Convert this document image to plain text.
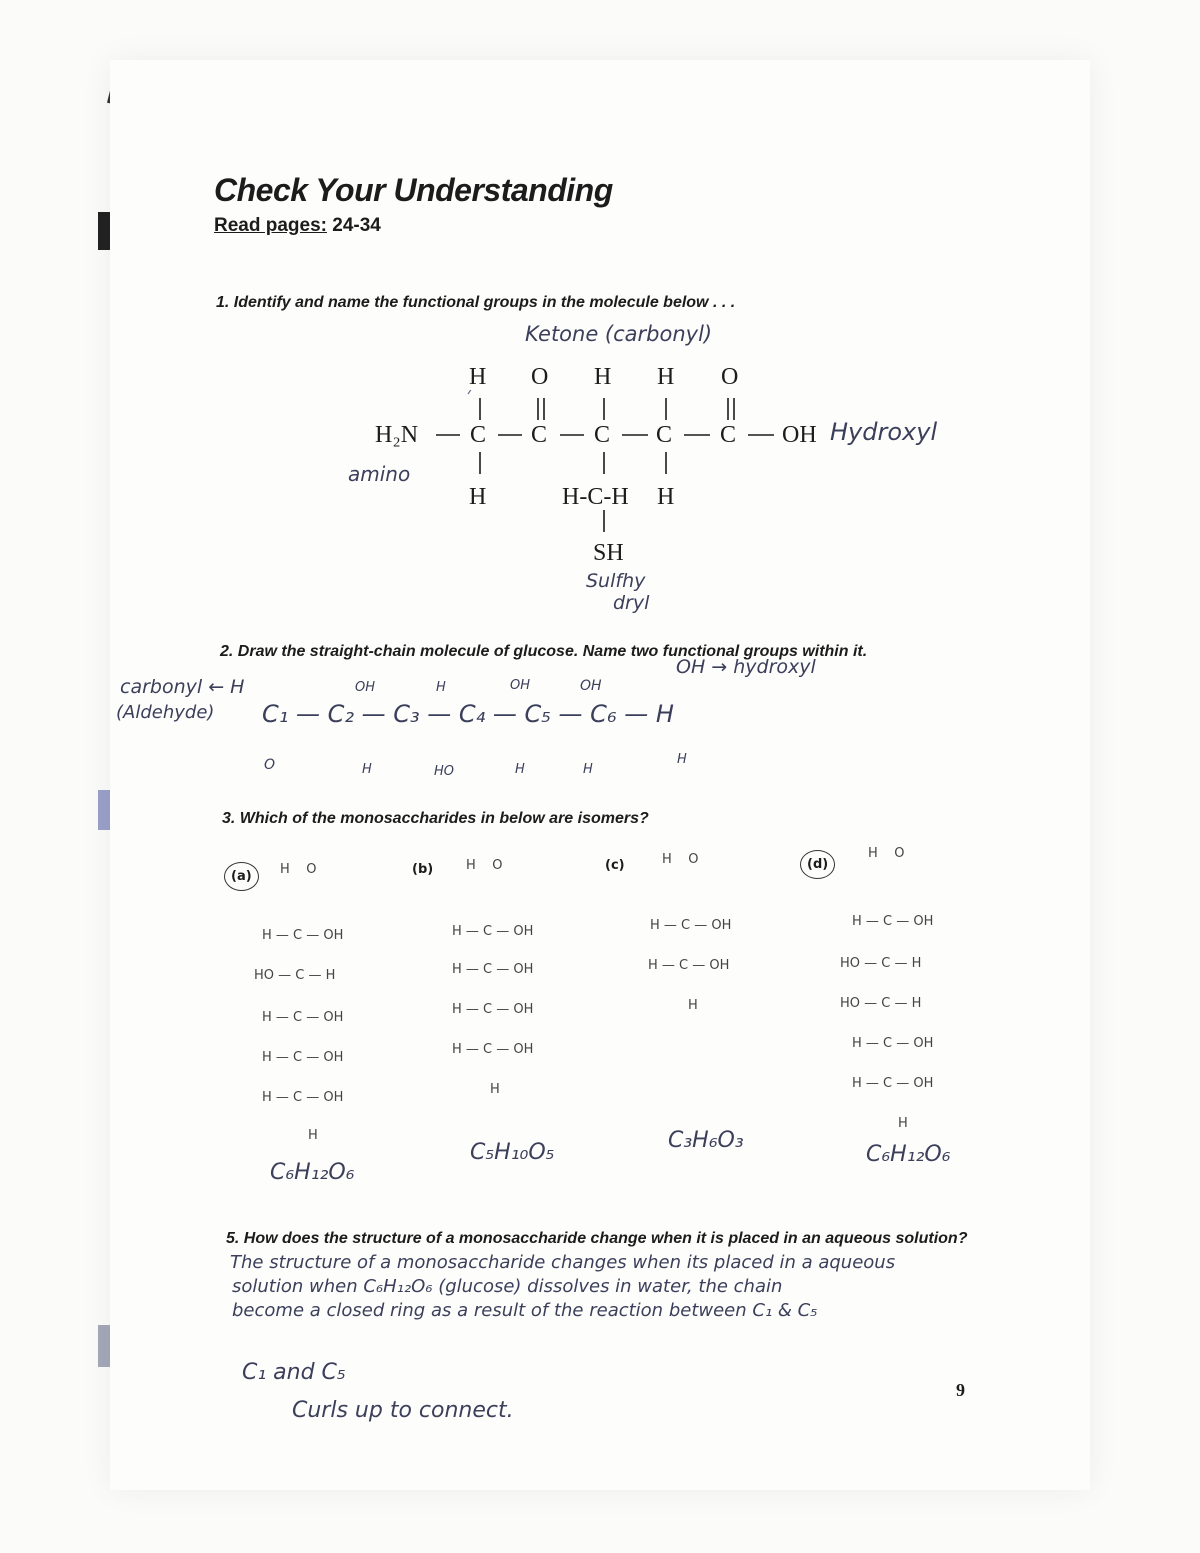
Check Your Understanding
Read pages: 24-34
1. Identify and name the functional groups in the molecule below . . .
Ketone (carbonyl)
H O H H O
H₂N C C C C C OH Hydroxyl
amino
H	H-C-H H
SH
Sulfhy
dryl
2. Draw the straight-chain molecule of glucose. Name two functional groups within it.
OH → hydroxyl
carbonyl ← H
(Aldehyde)
OH	H	OH	OH
C₁ — C₂ — C₃ — C₄ — C₅ — C₆ — H
O	H	HO	H	H
H
3. Which of the monosaccharides in below are isomers?
(a)	H    O
H — C — OH
HO — C — H
H — C — OH
H — C — OH
H — C — OH
H
C₆H₁₂O₆
(b)	H    O
H — C — OH
H — C — OH
H — C — OH
H — C — OH
H
C₅H₁₀O₅
(c)	H    O
H — C — OH
H — C — OH
H
C₃H₆O₃
(d)
H    O
H — C — OH
HO — C — H
HO — C — H
H — C — OH
H — C — OH
H
C₆H₁₂O₆
5. How does the structure of a monosaccharide change when it is placed in an aqueous solution?
The structure of a monosaccharide changes when its placed in a aqueous
solution when C₆H₁₂O₆ (glucose) dissolves in water, the chain
become a closed ring as a result of the reaction between C₁ & C₅
C₁ and C₅
Curls up to connect.
9
